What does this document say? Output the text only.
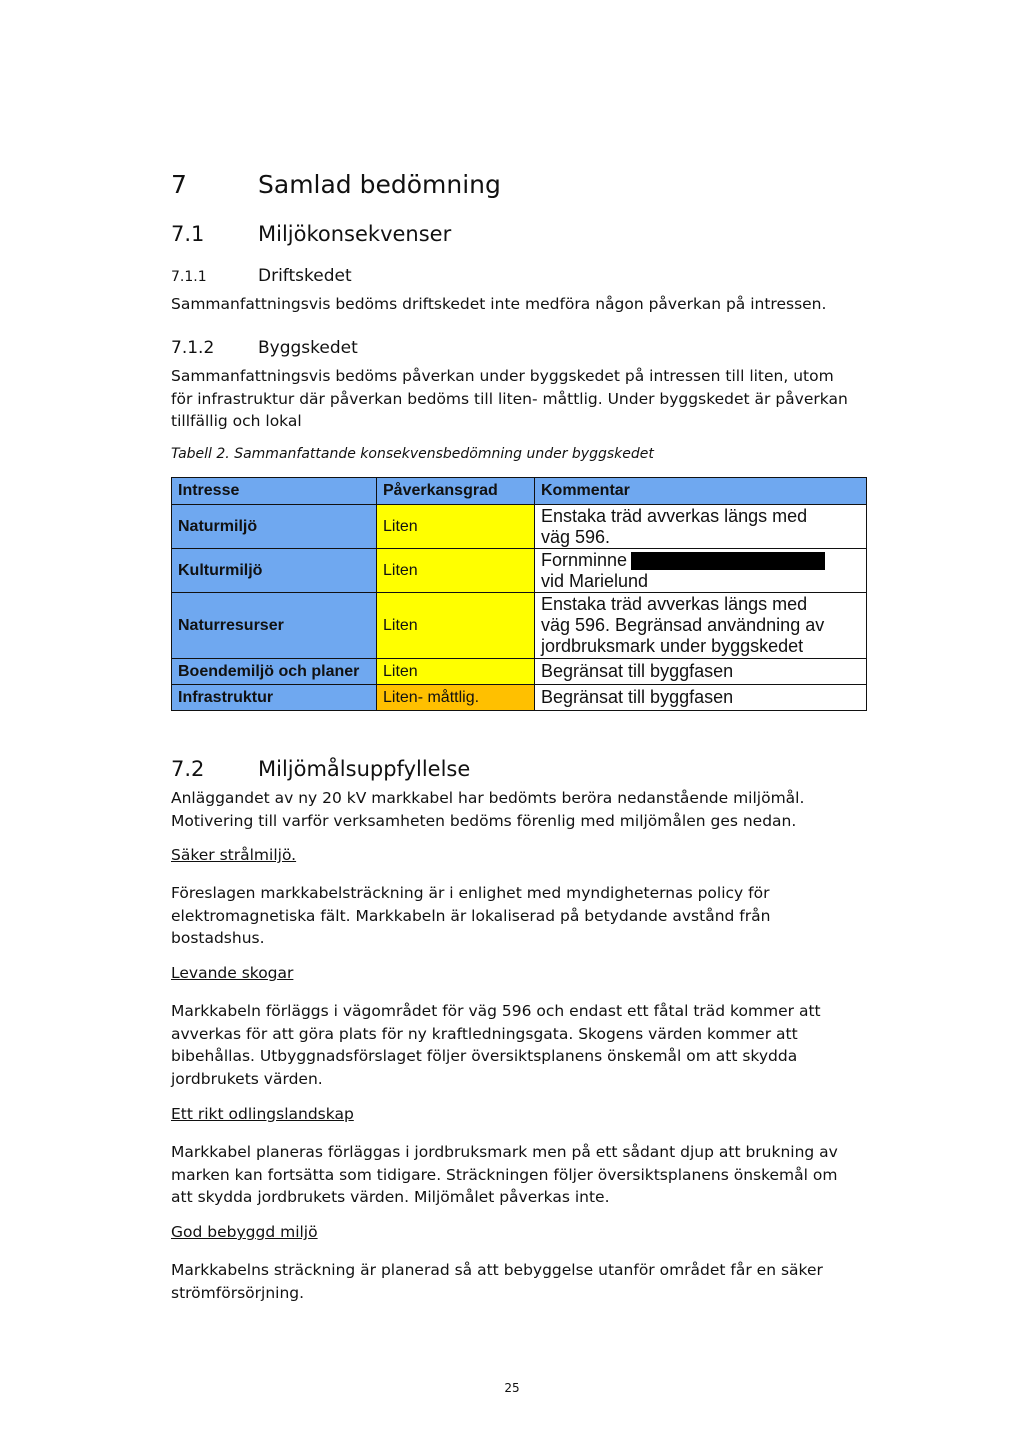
7	Samlad bedömning
7.1	Miljökonsekvenser
7.1.1	Driftskedet
Sammanfattningsvis bedöms driftskedet inte medföra någon påverkan på intressen.
7.1.2	Byggskedet
Sammanfattningsvis bedöms påverkan under byggskedet på intressen till liten, utom
för infrastruktur där påverkan bedöms till liten- måttlig. Under byggskedet är påverkan
tillfällig och lokal
Tabell 2. Sammanfattande konsekvensbedömning under byggskedet
Intresse	Påverkansgrad	Kommentar
Naturmiljö	Liten	Enstaka träd avverkas längs med
väg 596.

Kulturmiljö	Liten	Fornminne
vid Marielund

Naturresurser	Liten	Enstaka träd avverkas längs med
väg 596. Begränsad användning av
jordbruksmark under byggskedet

Boendemiljö och planer	Liten	Begränsat till byggfasen
Infrastruktur	Liten- måttlig.	Begränsat till byggfasen
7.2	Miljömålsuppfyllelse
Anläggandet av ny 20 kV markkabel har bedömts beröra nedanstående miljömål.
Motivering till varför verksamheten bedöms förenlig med miljömålen ges nedan.
Säker strålmiljö.
Föreslagen markkabelsträckning är i enlighet med myndigheternas policy för
elektromagnetiska fält. Markkabeln är lokaliserad på betydande avstånd från
bostadshus.
Levande skogar
Markkabeln förläggs i vägområdet för väg 596 och endast ett fåtal träd kommer att
avverkas för att göra plats för ny kraftledningsgata. Skogens värden kommer att
bibehållas. Utbyggnadsförslaget följer översiktsplanens önskemål om att skydda
jordbrukets värden.
Ett rikt odlingslandskap
Markkabel planeras förläggas i jordbruksmark men på ett sådant djup att brukning av
marken kan fortsätta som tidigare. Sträckningen följer översiktsplanens önskemål om
att skydda jordbrukets värden. Miljömålet påverkas inte.
God bebyggd miljö
Markkabelns sträckning är planerad så att bebyggelse utanför området får en säker
strömförsörjning.
25
